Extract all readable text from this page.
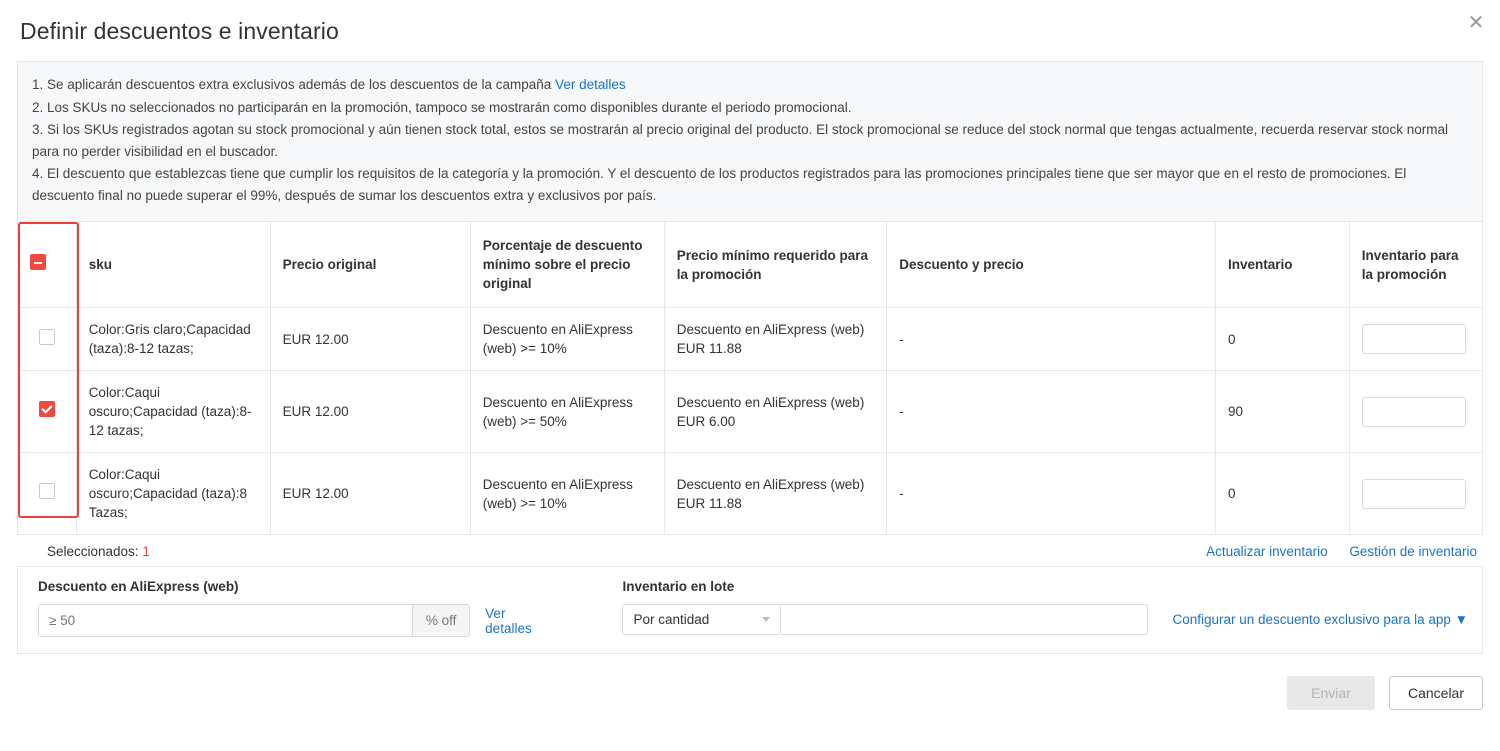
✕
Definir descuentos e inventario

1. Se aplicarán descuentos extra exclusivos además de los descuentos de la campaña Ver detalles

2. Los SKUs no seleccionados no participarán en la promoción, tampoco se mostrarán como disponibles durante el periodo promocional.

3. Si los SKUs registrados agotan su stock promocional y aún tienen stock total, estos se mostrarán al precio original del producto. El stock promocional se reduce del stock normal que tengas actualmente, recuerda reservar stock normal para no perder visibilidad en el buscador.

4. El descuento que establezcas tiene que cumplir los requisitos de la categoría y la promoción. Y el descuento de los productos registrados para las promociones principales tiene que ser mayor que en el resto de promociones. El descuento final no puede superar el 99%, después de sumar los descuentos extra y exclusivos por país.

	sku	Precio original	Porcentaje de descuento mínimo sobre el precio original	Precio mínimo requerido para la promoción	Descuento y precio	Inventario	Inventario para la promoción
	Color:Gris claro;Capacidad (taza):8-12 tazas;	EUR 12.00	Descuento en AliExpress (web) >= 10%	Descuento en AliExpress (web) EUR 11.88	-	0	
	Color:Caqui oscuro;Capacidad (taza):8-12 tazas;	EUR 12.00	Descuento en AliExpress (web) >= 50%	Descuento en AliExpress (web) EUR 6.00	-	90	
	Color:Caqui oscuro;Capacidad (taza):8 Tazas;	EUR 12.00	Descuento en AliExpress (web) >= 10%	Descuento en AliExpress (web) EUR 11.88	-	0	
Seleccionados: 1	Actualizar inventario Gestión de inventario
Descuento en AliExpress (web)
≥ 50
% off	Ver detalles
Inventario en lote
Por cantidad	Configurar un descuento exclusivo para la app ▼
Enviar	Cancelar
